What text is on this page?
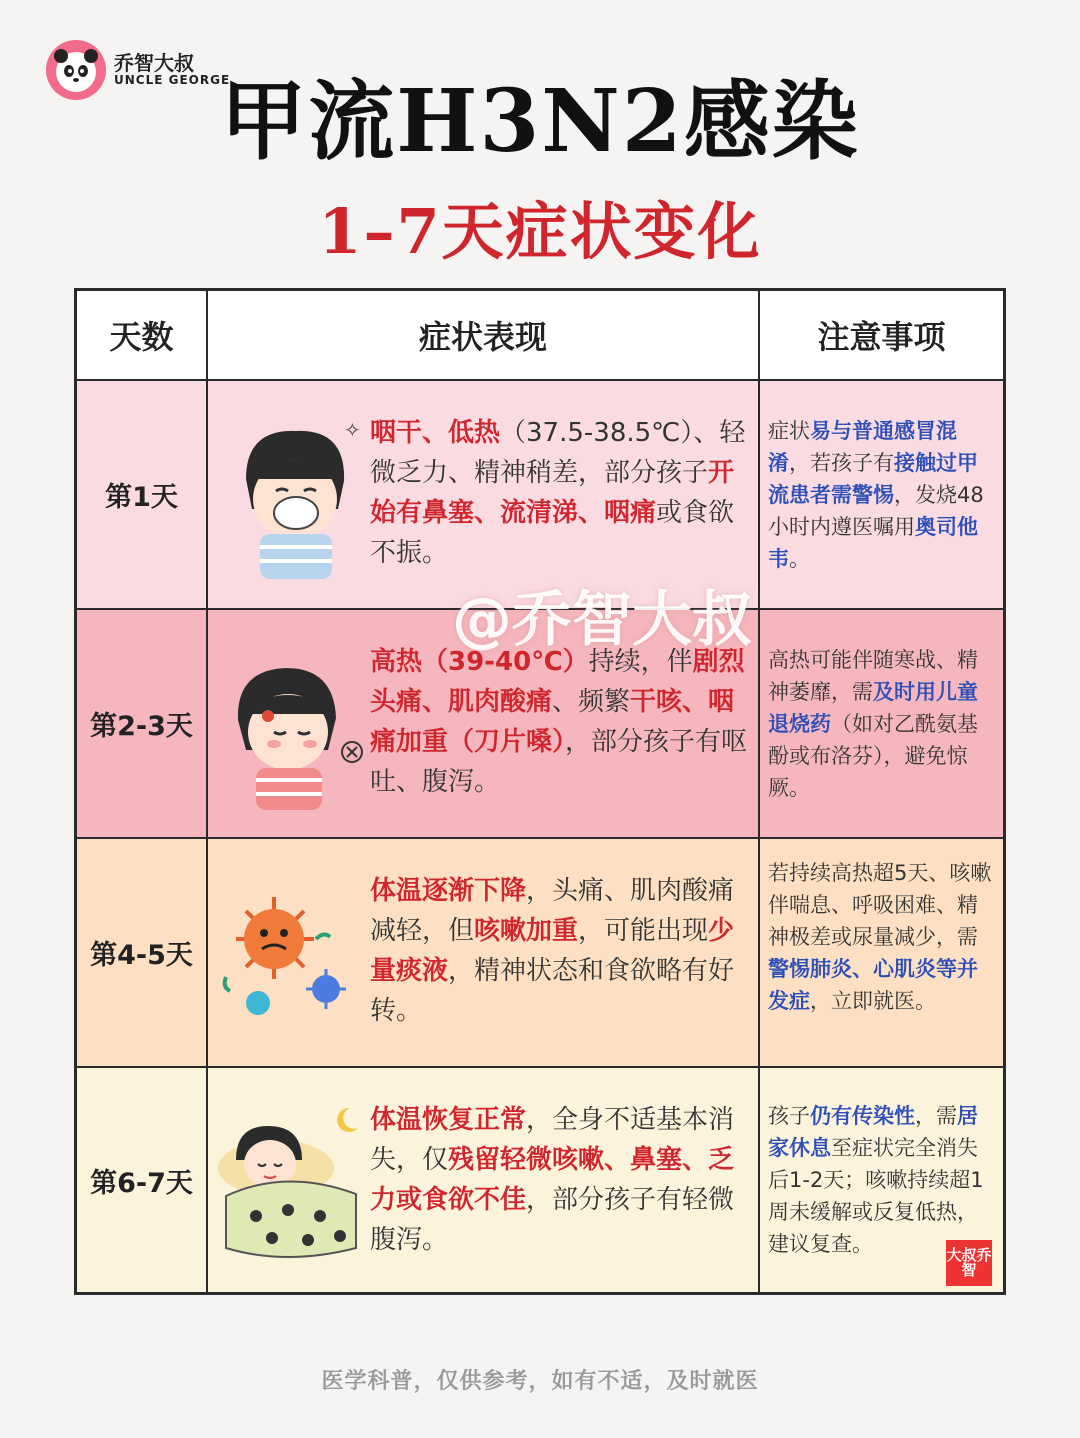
乔智大叔
UNCLE GEORGE
甲流H3N2感染
1–7天症状变化
天数	症状表现	注意事项
第1天
✧ 咽干、低热（37.5-38.5℃）、轻微乏力、精神稍差，部分孩子开始有鼻塞、流清涕、咽痛或食欲不振。
症状易与普通感冒混淆，若孩子有接触过甲流患者需警惕，发烧48小时内遵医嘱用奥司他韦。
第2-3天
高热（39-40℃）持续，伴剧烈头痛、肌肉酸痛、频繁干咳、咽痛加重（刀片嗓），部分孩子有呕吐、腹泻。
高热可能伴随寒战、精神萎靡，需及时用儿童退烧药（如对乙酰氨基酚或布洛芬），避免惊厥。
第4-5天
体温逐渐下降，头痛、肌肉酸痛减轻，但咳嗽加重，可能出现少量痰液，精神状态和食欲略有好转。
若持续高热超5天、咳嗽伴喘息、呼吸困难、精神极差或尿量减少，需警惕肺炎、心肌炎等并发症，立即就医。
第6-7天
体温恢复正常，全身不适基本消失，仅残留轻微咳嗽、鼻塞、乏力或食欲不佳，部分孩子有轻微腹泻。
孩子仍有传染性，需居家休息至症状完全消失后1-2天；咳嗽持续超1周未缓解或反复低热，建议复查。
@乔智大叔
大叔乔智
医学科普，仅供参考，如有不适，及时就医
